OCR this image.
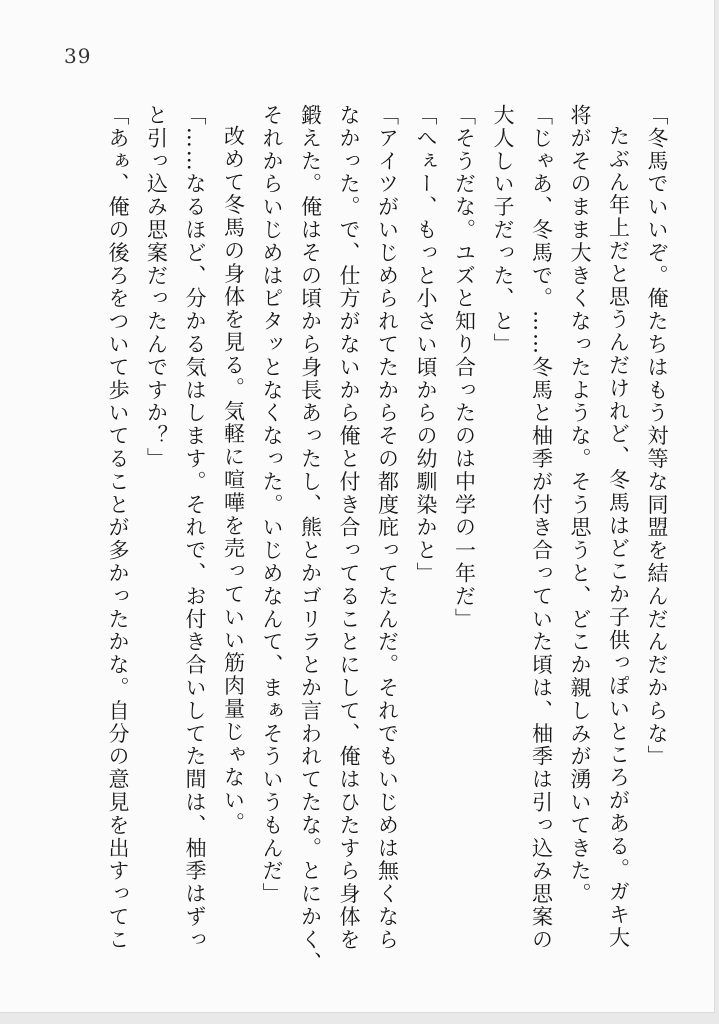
39

「冬馬でいいぞ。俺たちはもう対等な同盟を結んだんだからな」

たぶん年上だと思うんだけれど、冬馬はどこか子供っぽいところがある。ガキ大

将がそのまま大きくなったような。そう思うと、どこか親しみが湧いてきた。

「じゃあ、冬馬で。……冬馬と柚季が付き合っていた頃は、柚季は引っ込み思案の

大人しい子だった、と」

「そうだな。ユズと知り合ったのは中学の一年だ」

「へぇー、もっと小さい頃からの幼馴染かと」

「アイツがいじめられてたからその都度庇ってたんだ。それでもいじめは無くなら

なかった。で、仕方がないから俺と付き合ってることにして、俺はひたすら身体を

鍛えた。俺はその頃から身長あったし、熊とかゴリラとか言われてたな。とにかく、

それからいじめはピタッとなくなった。いじめなんて、まぁそういうもんだ」

改めて冬馬の身体を見る。気軽に喧嘩を売っていい筋肉量じゃない。

「……なるほど、分かる気はします。それで、お付き合いしてた間は、柚季はずっ

と引っ込み思案だったんですか？」

「あぁ、俺の後ろをついて歩いてることが多かったかな。自分の意見を出すってこ
